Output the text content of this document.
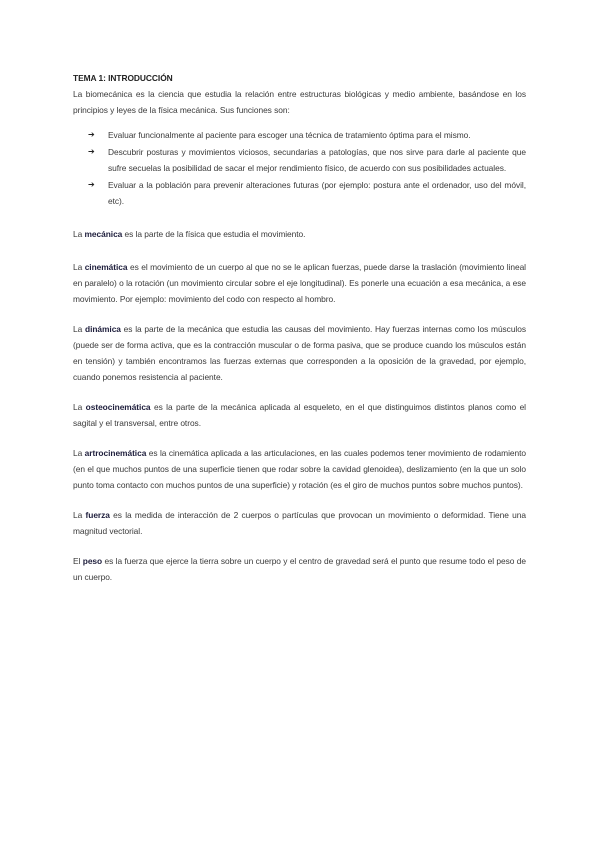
TEMA 1: INTRODUCCIÓN

La biomecánica es la ciencia que estudia la relación entre estructuras biológicas y medio ambiente, basándose en los principios y leyes de la física mecánica. Sus funciones son:

➔ Evaluar funcionalmente al paciente para escoger una técnica de tratamiento óptima para el mismo.
➔ Descubrir posturas y movimientos viciosos, secundarias a patologías, que nos sirve para darle al paciente que sufre secuelas la posibilidad de sacar el mejor rendimiento físico, de acuerdo con sus posibilidades actuales.
➔ Evaluar a la población para prevenir alteraciones futuras (por ejemplo: postura ante el ordenador, uso del móvil, etc).

La mecánica es la parte de la física que estudia el movimiento.

La cinemática es el movimiento de un cuerpo al que no se le aplican fuerzas, puede darse la traslación (movimiento lineal en paralelo) o la rotación (un movimiento circular sobre el eje longitudinal). Es ponerle una ecuación a esa mecánica, a ese movimiento. Por ejemplo: movimiento del codo con respecto al hombro.

La dinámica es la parte de la mecánica que estudia las causas del movimiento. Hay fuerzas internas como los músculos (puede ser de forma activa, que es la contracción muscular o de forma pasiva, que se produce cuando los músculos están en tensión) y también encontramos las fuerzas externas que corresponden a la oposición de la gravedad, por ejemplo, cuando ponemos resistencia al paciente.

La osteocinemática es la parte de la mecánica aplicada al esqueleto, en el que distinguimos distintos planos como el sagital y el transversal, entre otros.

La artrocinemática es la cinemática aplicada a las articulaciones, en las cuales podemos tener movimiento de rodamiento (en el que muchos puntos de una superficie tienen que rodar sobre la cavidad glenoidea), deslizamiento (en la que un solo punto toma contacto con muchos puntos de una superficie) y rotación (es el giro de muchos puntos sobre muchos puntos).

La fuerza es la medida de interacción de 2 cuerpos o partículas que provocan un movimiento o deformidad. Tiene una magnitud vectorial.

El peso es la fuerza que ejerce la tierra sobre un cuerpo y el centro de gravedad será el punto que resume todo el peso de un cuerpo.
